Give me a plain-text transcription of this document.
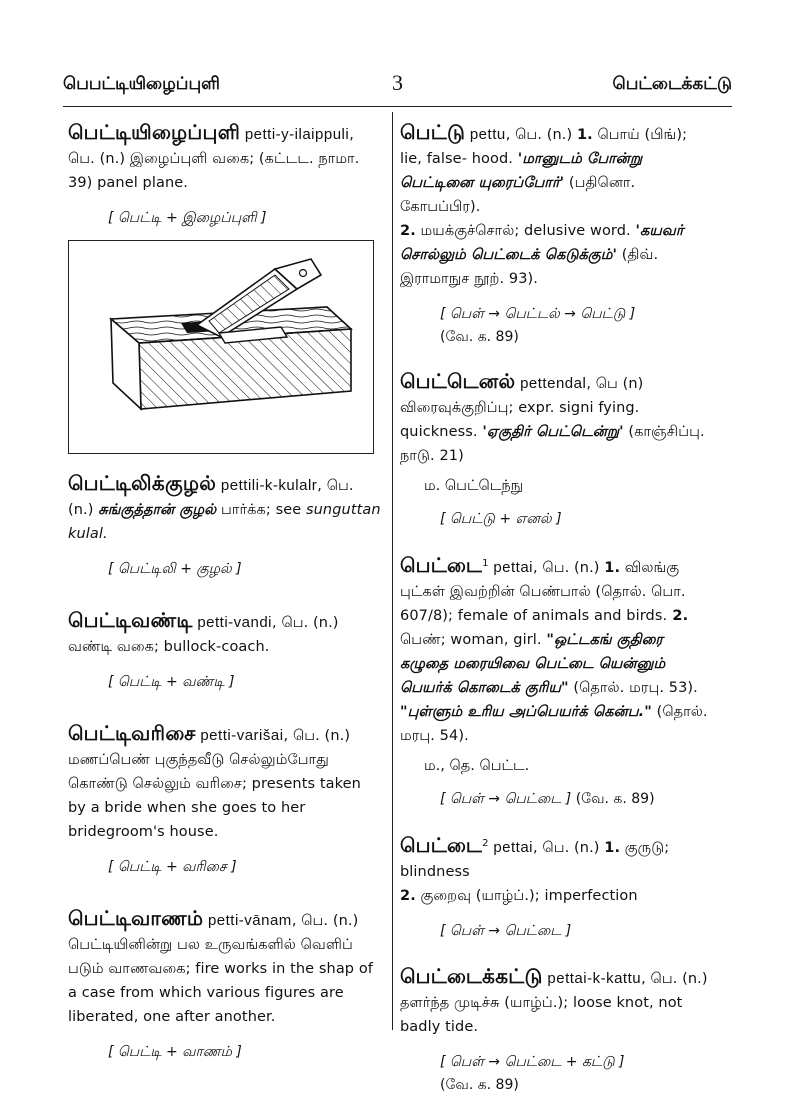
பெபட்டியிழைப்புளி	3	பெட்டைக்கட்டு

பெட்டியிழைப்புளி petti-y-ilaippuli, பெ. (n.) இழைப்புளி வகை; (கட்டட. நாமா. 39) panel plane.

[ பெட்டி + இழைப்புளி ]

பெட்டிலிக்குழல் pettili-k-kulalr, பெ. (n.) சுங்குத்தான் குழல் பார்க்க; see sunguttan kulal.

[ பெட்டிலி + குழல் ]

பெட்டிவண்டி petti-vandi, பெ. (n.) வண்டி வகை; bullock-coach.

[ பெட்டி + வண்டி ]

பெட்டிவரிசை petti-varišai, பெ. (n.) மணப்பெண் புகுந்தவீடு செல்லும்போது கொண்டு செல்லும் வரிசை; presents taken by a bride when she goes to her bridegroom's house.

[ பெட்டி + வரிசை ]

பெட்டிவாணம் petti-vānam, பெ. (n.) பெட்டியினின்று பல உருவங்களில் வெளிப் படும் வாணவகை; fire works in the shap of a case from which various figures are liberated, one after another.

[ பெட்டி + வாணம் ]

பெட்டு pettu, பெ. (n.) 1. பொய் (பிங்); lie, false- hood. 'மானுடம் போன்று பெட்டினை யுரைப்போர்' (பதினொ. கோபப்பிர).
2. மயக்குச்சொல்; delusive word. 'கயவர் சொல்லும் பெட்டைக் கெடுக்கும்' (திவ். இராமாநுச நூற். 93).

[ பெள் → பெட்டல் → பெட்டு ]

(வே. க. 89)

பெட்டெனல் pettendal, பெ (n) விரைவுக்குறிப்பு; expr. signi fying. quickness. 'ஏகுதிர் பெட்டென்று' (காஞ்சிப்பு. நாடு. 21)

ம. பெட்டெந்நு

[ பெட்டு + எனல் ]

பெட்டை$^1$ pettai, பெ. (n.) 1. விலங்கு புட்கள் இவற்றின் பெண்பால் (தொல். பொ. 607/8); female of animals and birds. 2. பெண்; woman, girl. "ஒட்டகங் குதிரை கழுதை மரையிவை பெட்டை யென்னும் பெயர்க் கொடைக் குரிய" (தொல். மரபு. 53). "புள்ளும் உரிய அப்பெயர்க் கென்ப." (தொல். மரபு. 54).

ம., தெ. பெட்ட.

[ பெள் → பெட்டை ] (வே. க. 89)

பெட்டை$^2$ pettai, பெ. (n.) 1. குருடு; blindness
2. குறைவு (யாழ்ப்.); imperfection

[ பெள் → பெட்டை ]

பெட்டைக்கட்டு pettai-k-kattu, பெ. (n.) தளர்ந்த முடிச்சு (யாழ்ப்.); loose knot, not badly tide.

[ பெள் → பெட்டை + கட்டு ]

(வே. க. 89)
